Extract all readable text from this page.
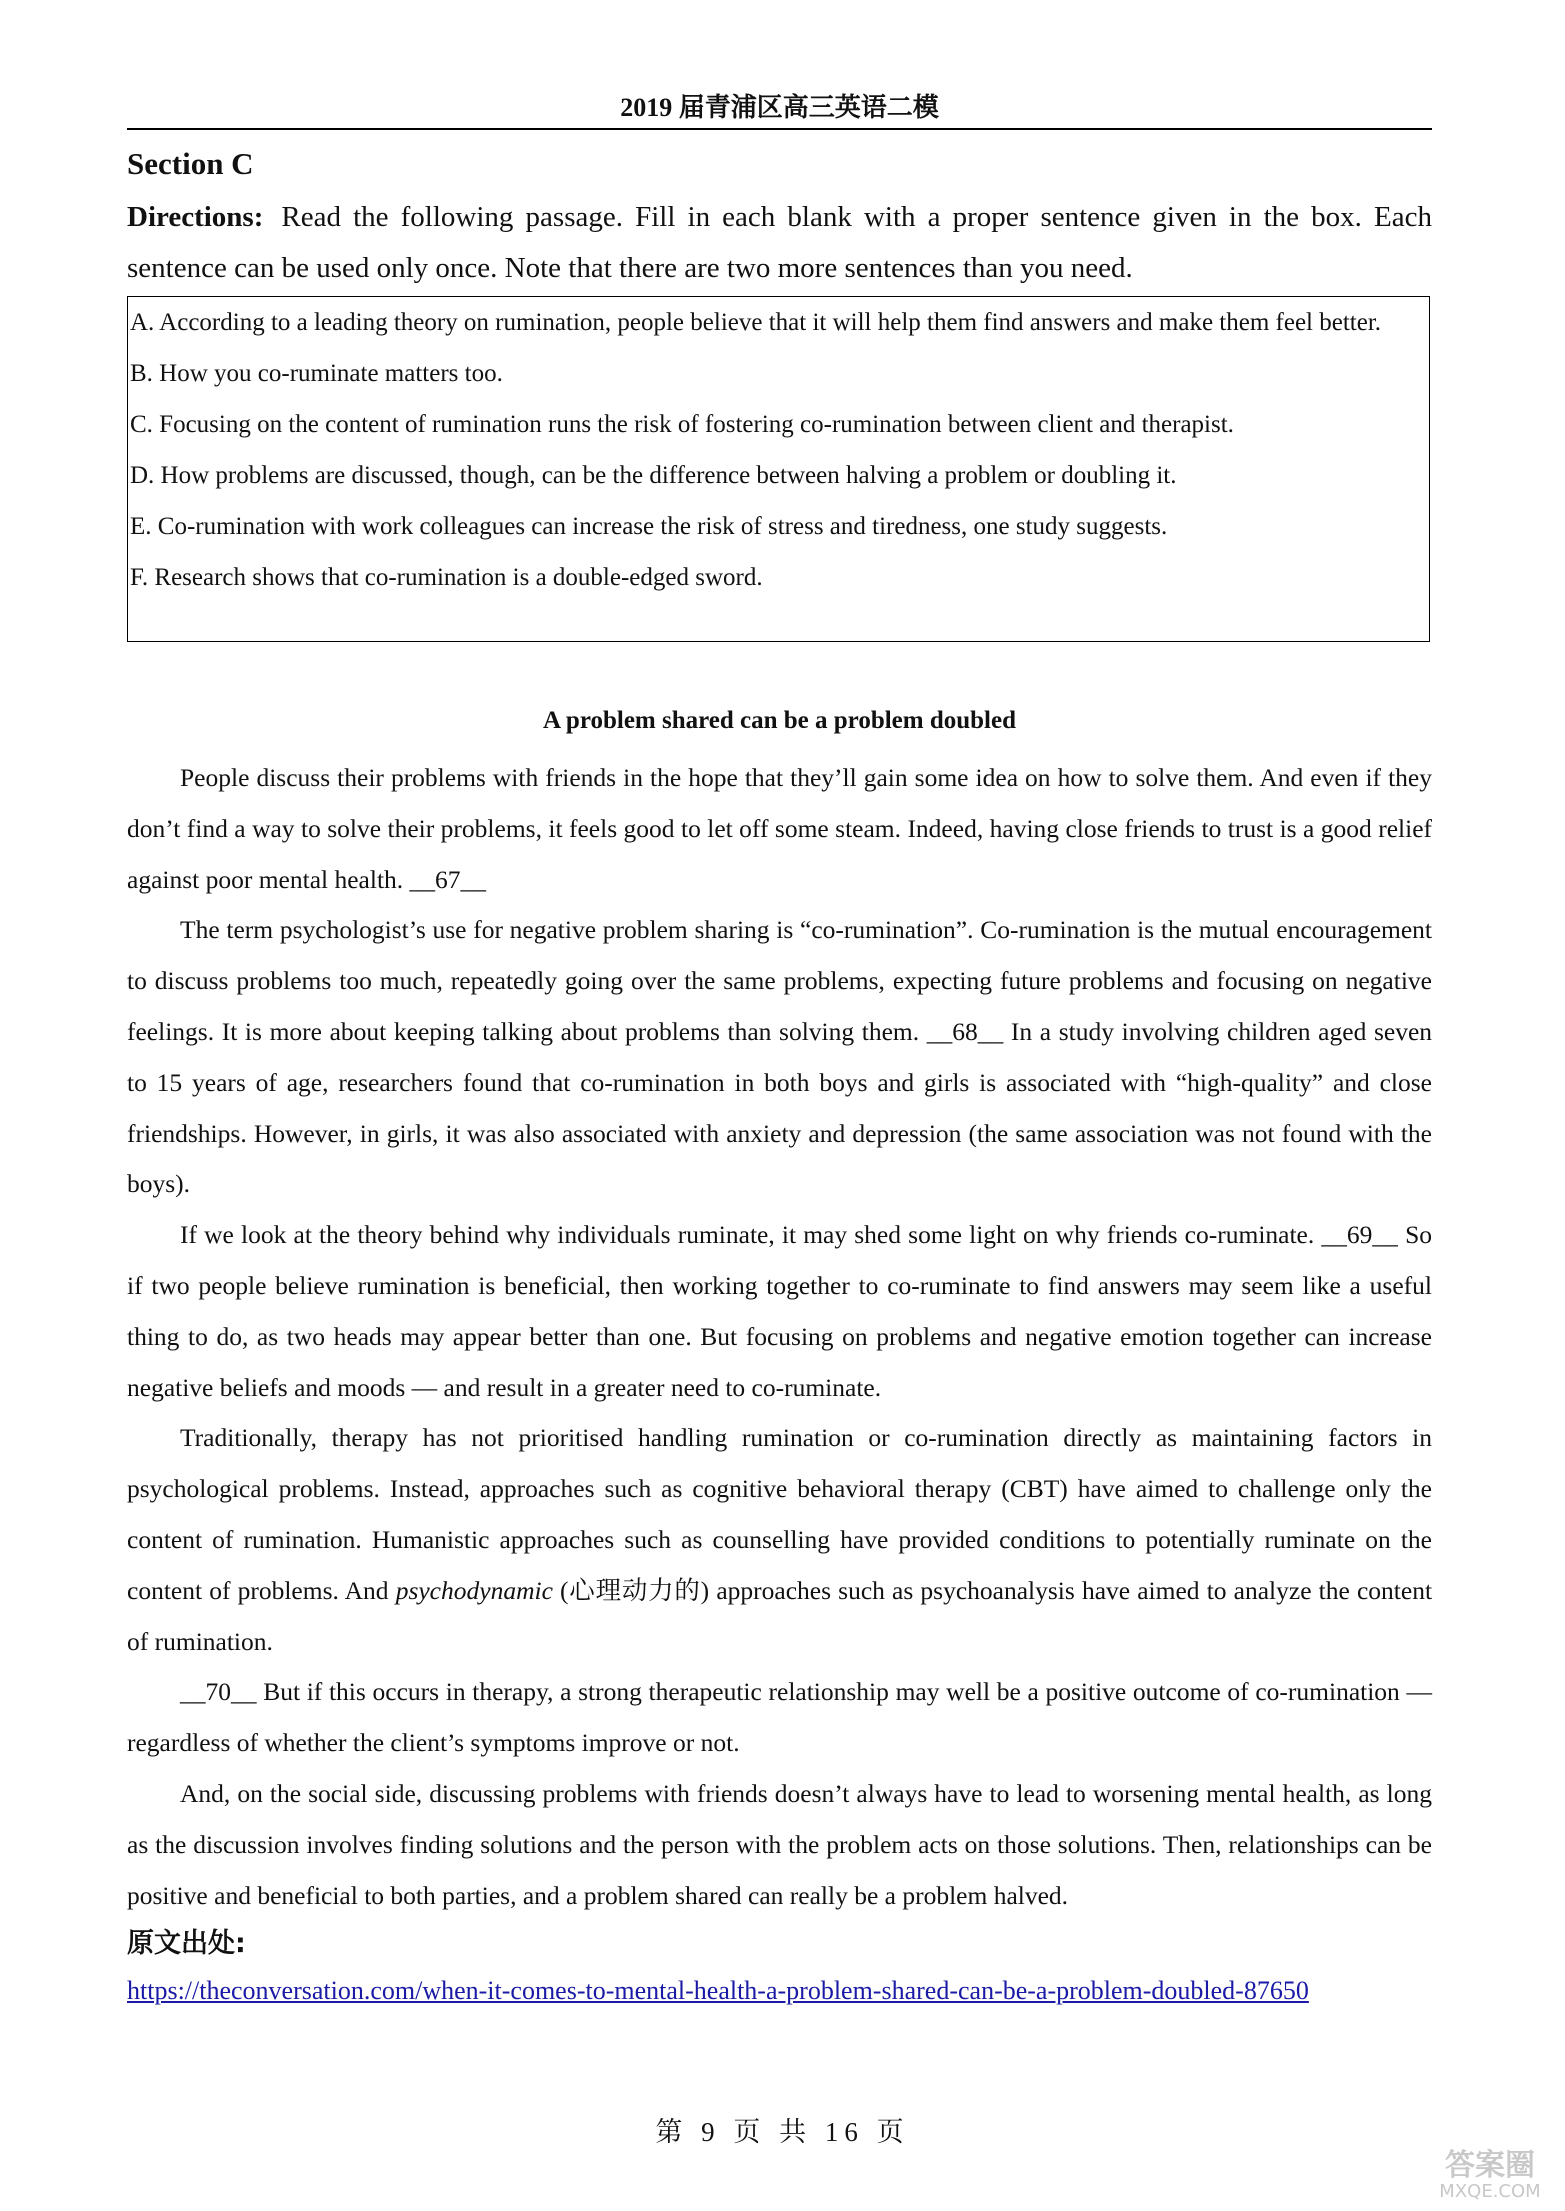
2019 届青浦区高三英语二模
Section C
Directions: Read the following passage. Fill in each blank with a proper sentence given in the box. Each sentence can be used only once. Note that there are two more sentences than you need.
A. According to a leading theory on rumination, people believe that it will help them find answers and make them feel better.
B. How you co-ruminate matters too.
C. Focusing on the content of rumination runs the risk of fostering co-rumination between client and therapist.
D. How problems are discussed, though, can be the difference between halving a problem or doubling it.
E. Co-rumination with work colleagues can increase the risk of stress and tiredness, one study suggests.
F. Research shows that co-rumination is a double-edged sword.
A problem shared can be a problem doubled

People discuss their problems with friends in the hope that they’ll gain some idea on how to solve them. And even if they don’t find a way to solve their problems, it feels good to let off some steam. Indeed, having close friends to trust is a good relief against poor mental health. __67__

The term psychologist’s use for negative problem sharing is “co-rumination”. Co-rumination is the mutual encouragement to discuss problems too much, repeatedly going over the same problems, expecting future problems and focusing on negative feelings. It is more about keeping talking about problems than solving them. __68__ In a study involving children aged seven to 15 years of age, researchers found that co-rumination in both boys and girls is associated with “high-quality” and close friendships. However, in girls, it was also associated with anxiety and depression (the same association was not found with the boys).

If we look at the theory behind why individuals ruminate, it may shed some light on why friends co-ruminate. __69__ So if two people believe rumination is beneficial, then working together to co-ruminate to find answers may seem like a useful thing to do, as two heads may appear better than one. But focusing on problems and negative emotion together can increase negative beliefs and moods — and result in a greater need to co-ruminate.

Traditionally, therapy has not prioritised handling rumination or co-rumination directly as maintaining factors in psychological problems. Instead, approaches such as cognitive behavioral therapy (CBT) have aimed to challenge only the content of rumination. Humanistic approaches such as counselling have provided conditions to potentially ruminate on the content of problems. And psychodynamic (心理动力的) approaches such as psychoanalysis have aimed to analyze the content of rumination.

__70__ But if this occurs in therapy, a strong therapeutic relationship may well be a positive outcome of co-rumination — regardless of whether the client’s symptoms improve or not.

And, on the social side, discussing problems with friends doesn’t always have to lead to worsening mental health, as long as the discussion involves finding solutions and the person with the problem acts on those solutions. Then, relationships can be positive and beneficial to both parties, and a problem shared can really be a problem halved.

原文出处:
https://theconversation.com/when-it-comes-to-mental-health-a-problem-shared-can-be-a-problem-doubled-87650
第 9 页 共 16 页
答案圈
MXQE.COM
